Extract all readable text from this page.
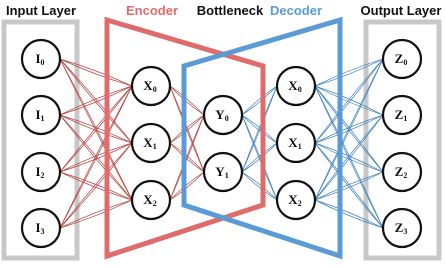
I0
I1
I2
I3
X0
X1
X2
Y0
Y1
X0
X1
X2
Z0
Z1
Z2
Z3
Input Layer	Encoder Bottleneck Decoder	Output Layer
